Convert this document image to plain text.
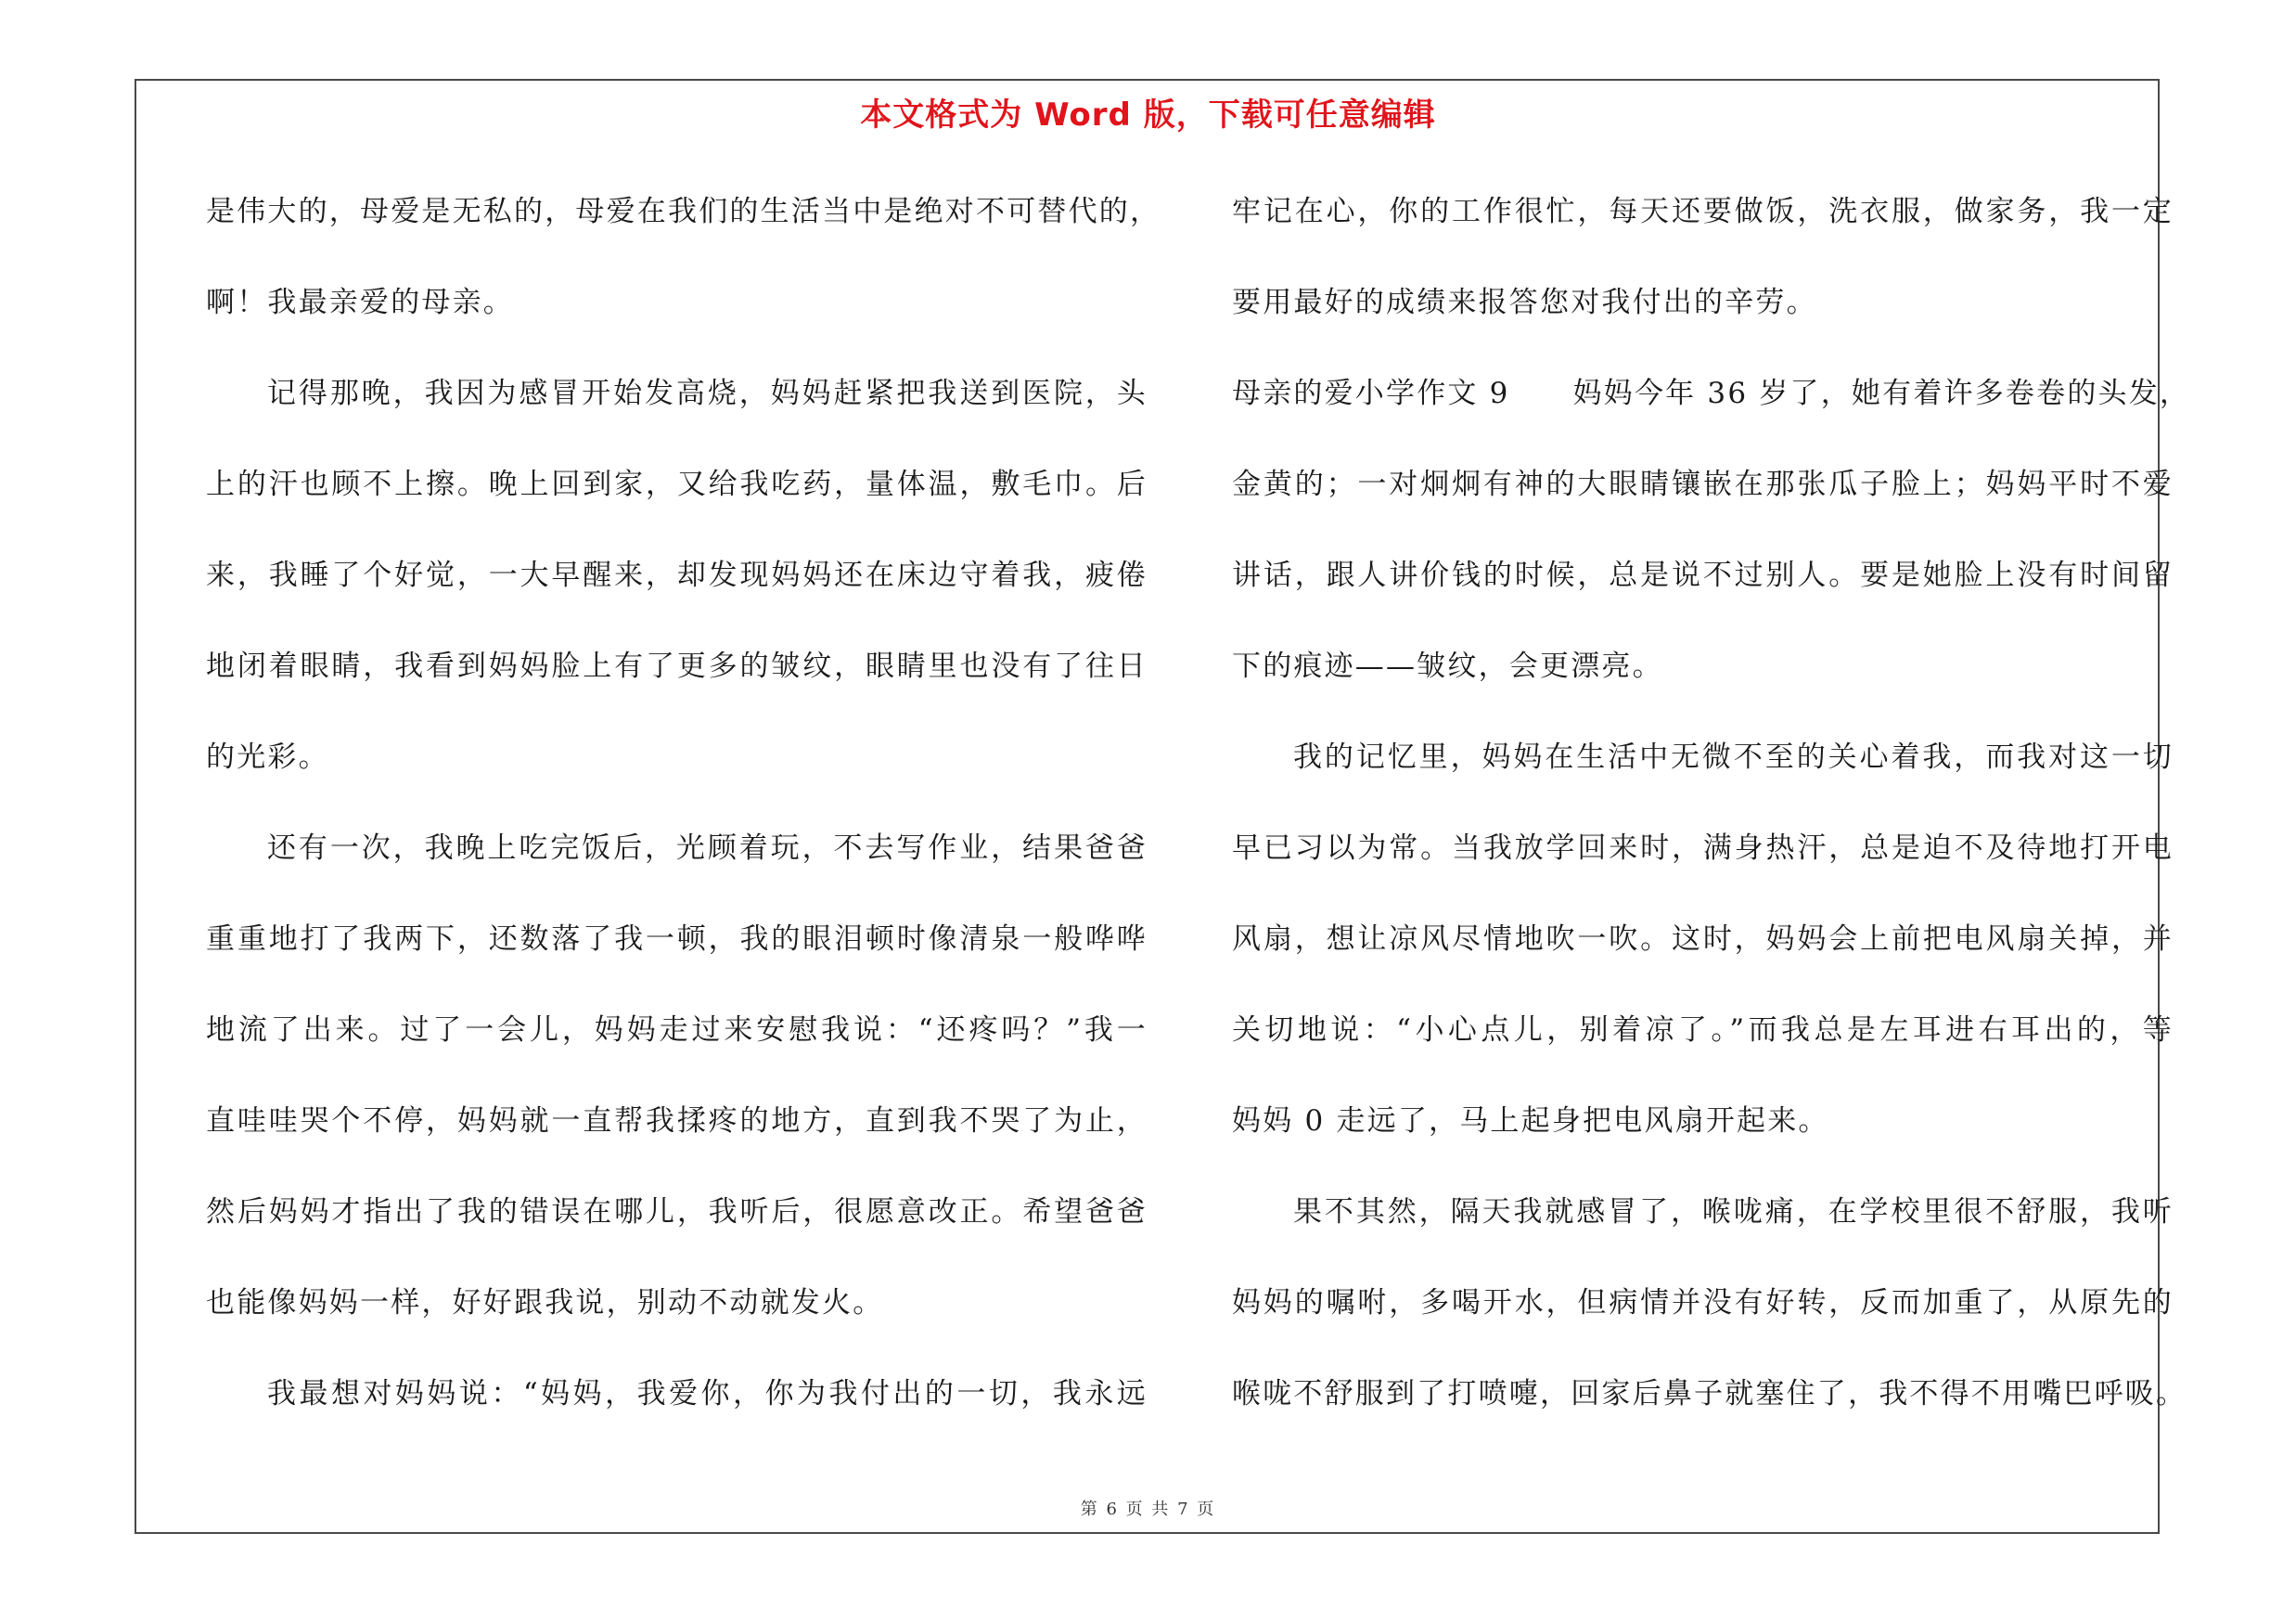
本文格式为 Word 版，下载可任意编辑
是伟大的，母爱是无私的，母爱在我们的生活当中是绝对不可替代的，
啊！我最亲爱的母亲。
记得那晚，我因为感冒开始发高烧，妈妈赶紧把我送到医院，头
上的汗也顾不上擦。晚上回到家，又给我吃药，量体温，敷毛巾。后
来，我睡了个好觉，一大早醒来，却发现妈妈还在床边守着我，疲倦
地闭着眼睛，我看到妈妈脸上有了更多的皱纹，眼睛里也没有了往日
的光彩。
还有一次，我晚上吃完饭后，光顾着玩，不去写作业，结果爸爸
重重地打了我两下，还数落了我一顿，我的眼泪顿时像清泉一般哗哗
地流了出来。过了一会儿，妈妈走过来安慰我说：“还疼吗？”我一
直哇哇哭个不停，妈妈就一直帮我揉疼的地方，直到我不哭了为止，
然后妈妈才指出了我的错误在哪儿，我听后，很愿意改正。希望爸爸
也能像妈妈一样，好好跟我说，别动不动就发火。
我最想对妈妈说：“妈妈，我爱你，你为我付出的一切，我永远
牢记在心，你的工作很忙，每天还要做饭，洗衣服，做家务，我一定
要用最好的成绩来报答您对我付出的辛劳。
母亲的爱小学作文 9 妈妈今年 36 岁了，她有着许多卷卷的头发，
金黄的；一对炯炯有神的大眼睛镶嵌在那张瓜子脸上；妈妈平时不爱
讲话，跟人讲价钱的时候，总是说不过别人。要是她脸上没有时间留
下的痕迹——皱纹，会更漂亮。
我的记忆里，妈妈在生活中无微不至的关心着我，而我对这一切
早已习以为常。当我放学回来时，满身热汗，总是迫不及待地打开电
风扇，想让凉风尽情地吹一吹。这时，妈妈会上前把电风扇关掉，并
关切地说：“小心点儿，别着凉了。”而我总是左耳进右耳出的，等
妈妈 0 走远了，马上起身把电风扇开起来。
果不其然，隔天我就感冒了，喉咙痛，在学校里很不舒服，我听
妈妈的嘱咐，多喝开水，但病情并没有好转，反而加重了，从原先的
喉咙不舒服到了打喷嚏，回家后鼻子就塞住了，我不得不用嘴巴呼吸。
第 6 页 共 7 页
